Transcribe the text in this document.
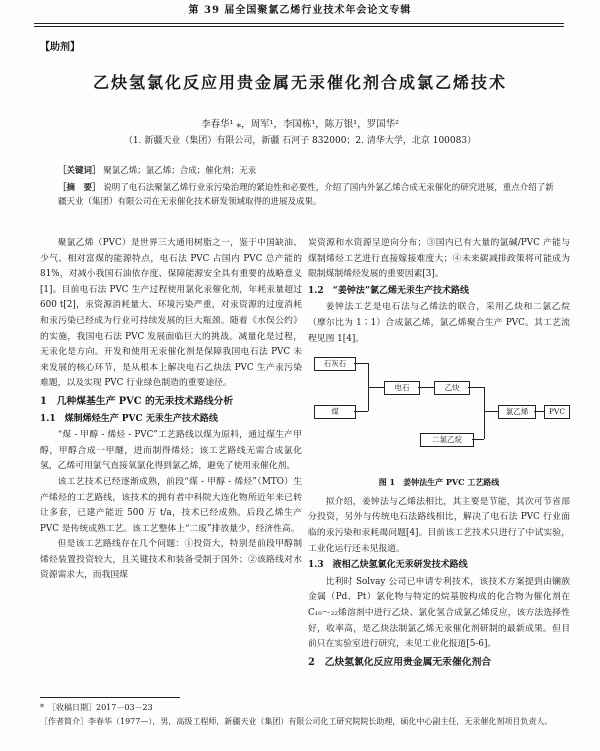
第 39 届全国聚氯乙烯行业技术年会论文专辑
【助剂】
乙炔氢氯化反应用贵金属无汞催化剂合成氯乙烯技术
李春华¹ ⁎，周军¹，李国栋¹，陈万银¹，罗国华²
（1. 新疆天业（集团）有限公司，新疆 石河子 832000；2. 清华大学，北京 100083）
［关键词］ 聚氯乙烯；氯乙烯；合成；催化剂；无汞
［摘　要］ 说明了电石法聚氯乙烯行业汞污染治理的紧迫性和必要性，介绍了国内外氯乙烯合成无汞催化的研究进展，重点介绍了新疆天业（集团）有限公司在无汞催化技术研发领域取得的进展及成果。

聚氯乙烯（PVC）是世界三大通用树脂之一，鉴于中国缺油、少气、相对富煤的能源特点，电石法 PVC 占国内 PVC 总产能的 81%，对减小我国石油依存度、保障能源安全具有重要的战略意义[1]。目前电石法 PVC 生产过程使用氯化汞催化剂，年耗汞量超过 600 t[2]，汞资源消耗量大、环境污染严重，对汞资源的过度消耗和汞污染已经成为行业可持续发展的巨大瓶颈。随着《水俣公约》的实施，我国电石法 PVC 发展面临巨大的挑战。减量化是过程，无汞化是方向。开发和使用无汞催化剂是保障我国电石法 PVC 未来发展的核心环节，是从根本上解决电石乙炔法 PVC 生产汞污染难题，以及实现 PVC 行业绿色制造的重要途径。

1　几种煤基生产 PVC 的无汞技术路线分析
1.1　煤制烯烃生产 PVC 无汞生产技术路线

“煤 - 甲醇 - 烯烃 - PVC”工艺路线以煤为原料，通过煤生产甲醇，甲醇合成一甲醚，进而制得烯烃；该工艺路线无需合成氯化氢，乙烯可用氯气直接氧氯化得到氯乙烯，避免了使用汞催化剂。

该工艺技术已经逐渐成熟，前段“煤 - 甲醇 - 烯烃”（MTO）生产烯烃的工艺路线，该技术的拥有者中科院大连化物所近年来已转让多套，已建产能近 500 万 t/a，技术已经成熟。后段乙烯生产 PVC 是传统成熟工艺。该工艺整体上“二废”排放量少，经济性高。

但是该工艺路线存在几个问题：①投资大，特别是前段甲醇制烯烃装置投资较大，且关键技术和装备受制于国外；②该路线对水资源需求大，而我国煤

炭资源和水资源呈逆向分布；③国内已有大量的氯碱/PVC 产能与煤制烯烃工艺进行直接嫁接难度大；④未来碳减排政策将可能成为限制煤制烯烃发展的重要因素[3]。

1.2　“姜钟法”氯乙烯无汞生产技术路线

姜钟法工艺是电石法与乙烯法的联合，采用乙炔和二氯乙烷（摩尔比为 1∶1）合成氯乙烯，氯乙烯聚合生产 PVC。其工艺流程见图 1[4]。

石灰石
煤
电石	乙炔
二氯乙烷
氯乙烯	PVC
图 1　姜钟法生产 PVC 工艺路线

拟介绍，姜钟法与乙烯法相比，其主要是节能，其次可节省部分投资，另外与传统电石法路线相比，解决了电石法 PVC 行业面临的汞污染和汞耗竭问题[4]。目前该工艺技术只进行了中试实验，工业化运行还未见报道。

1.3　液相乙炔氢氯化无汞研发技术路线

比利时 Solvay 公司已申请专利技术，该技术方案提到由镧族金属（Pd、Pt）氯化物与特定的烷基胺构成的化合物为催化剂在 C₁₀～₂₂烯溶剂中进行乙炔、氯化氢合成氯乙烯反应，该方法选择性好，收率高，是乙炔法制氯乙烯无汞催化剂研制的最新成果。但目前只在实验室进行研究，未见工业化报道[5-6]。

2　乙炔氢氯化反应用贵金属无汞催化剂合
*　［收稿日期］2017－03－23
［作者简介］李春华（1977—），男，高级工程师，新疆天业（集团）有限公司化工研究院院长助理，硕化中心副主任，无汞催化剂项目负责人。
